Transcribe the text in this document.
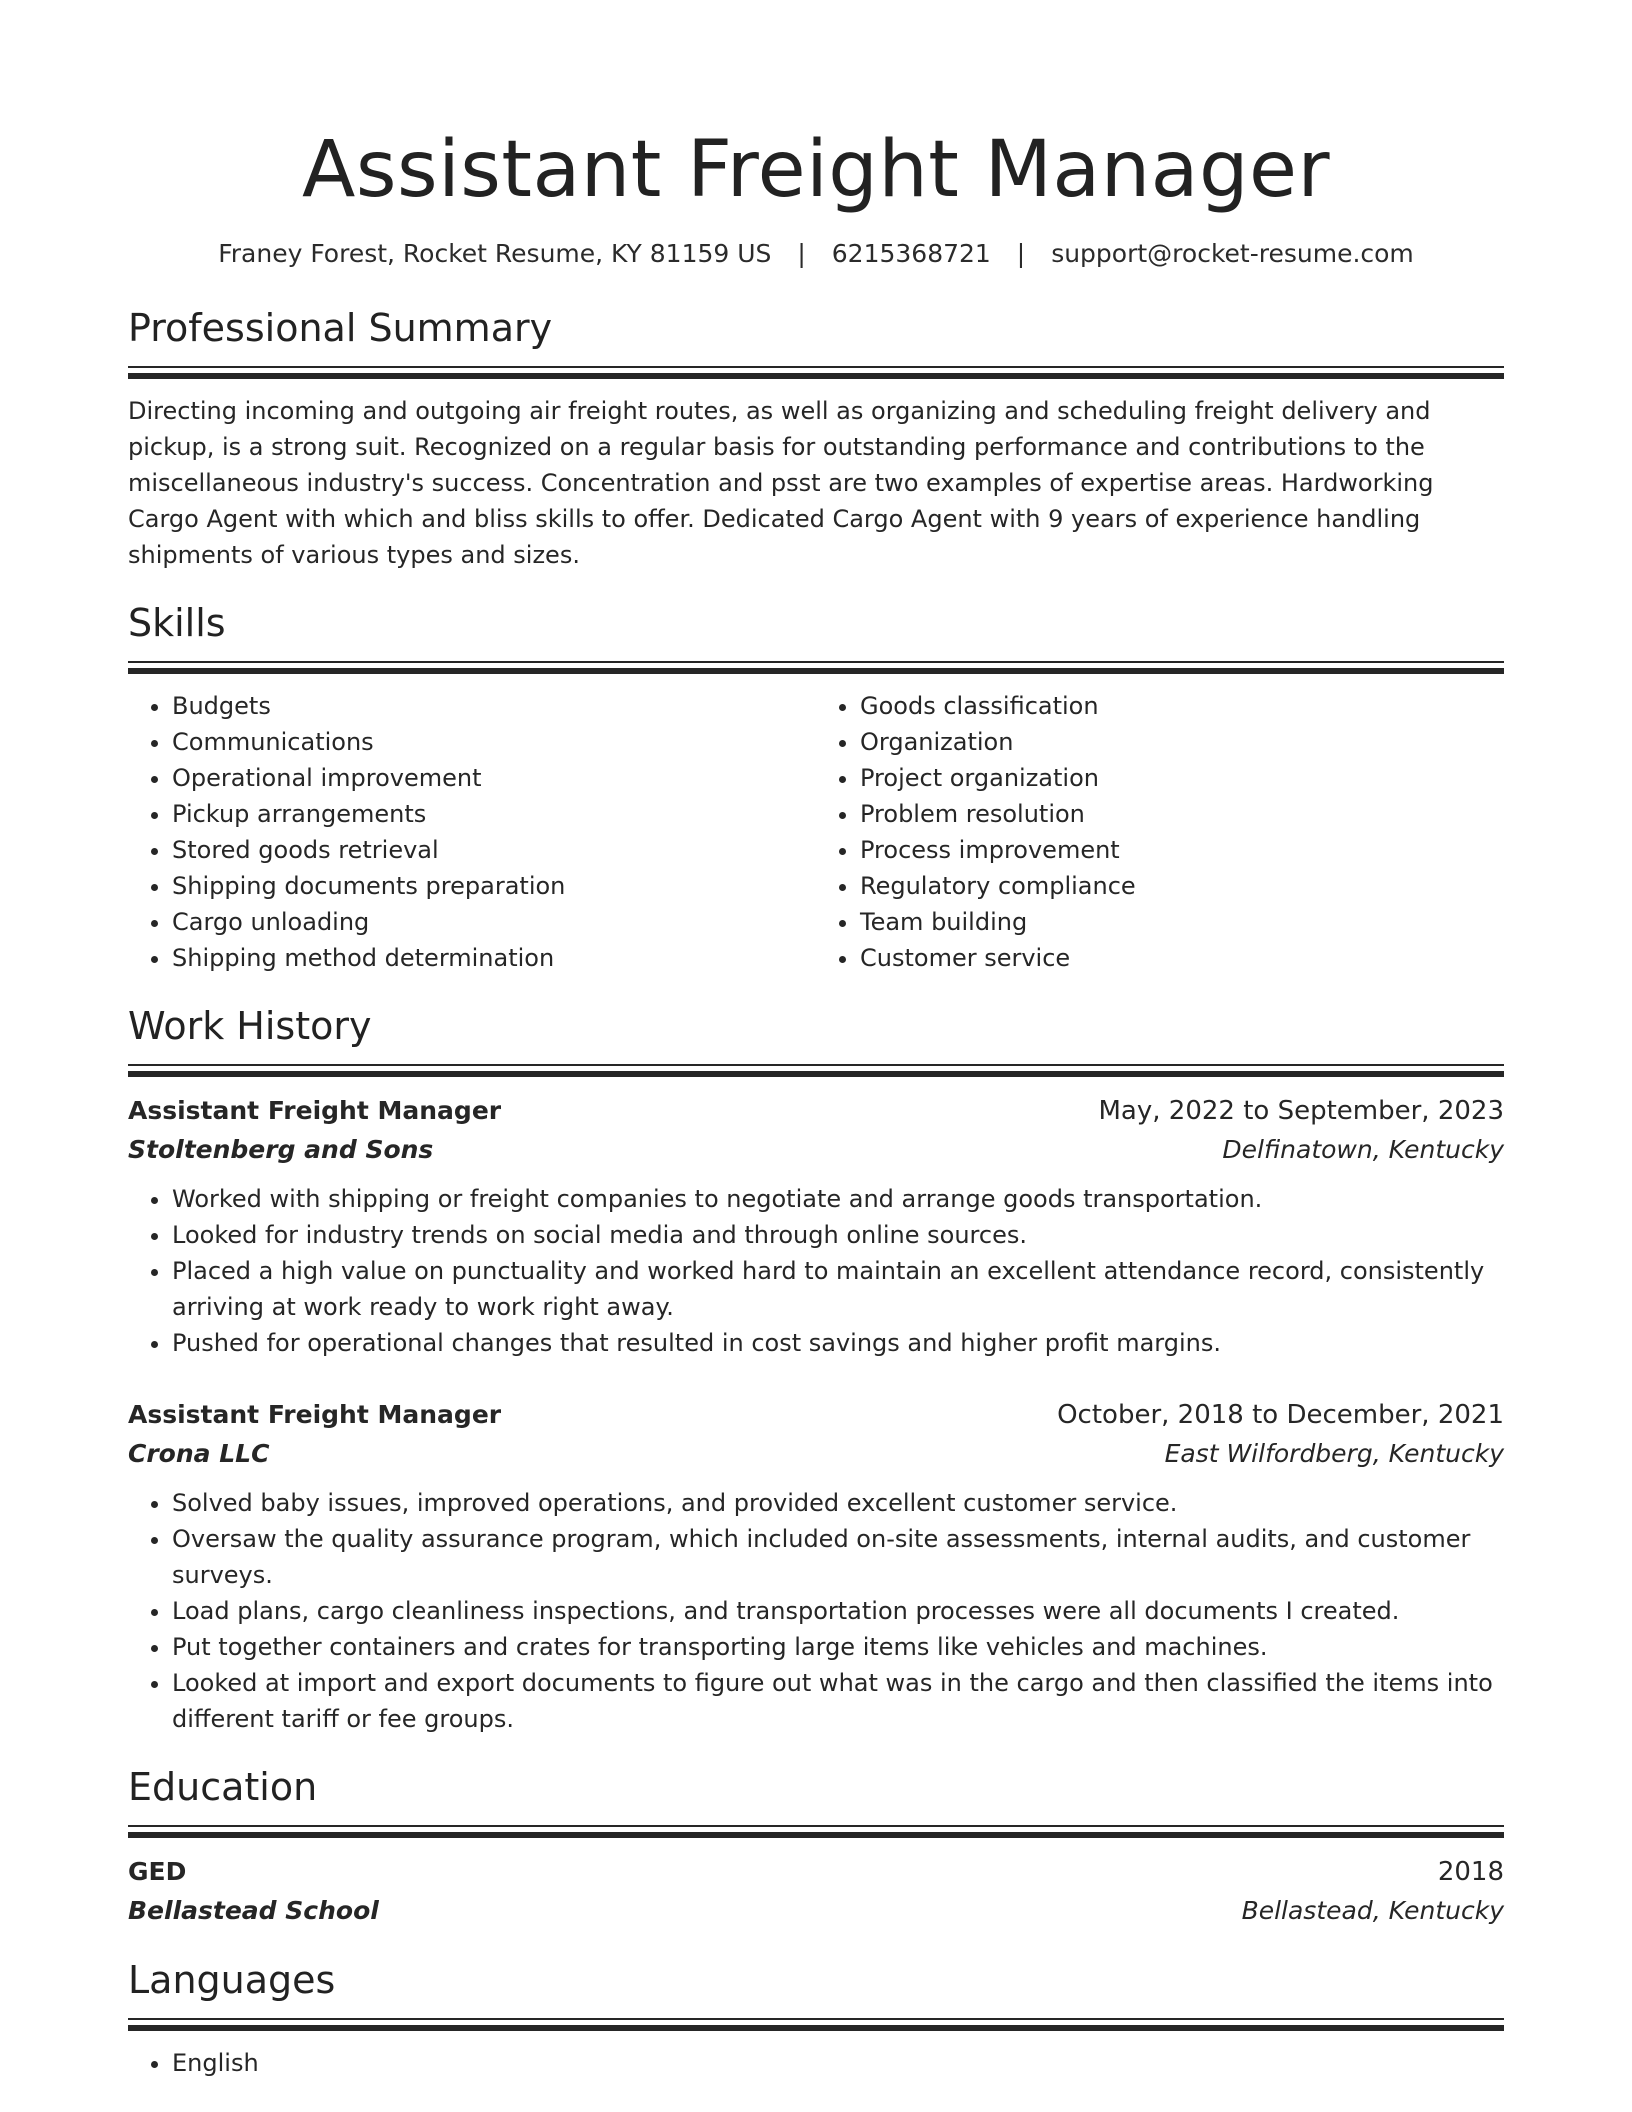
Assistant Freight Manager
Franey Forest, Rocket Resume, KY 81159 US | 6215368721 | support@rocket-resume.com
Professional Summary

Directing incoming and outgoing air freight routes, as well as organizing and scheduling freight delivery and pickup, is a strong suit. Recognized on a regular basis for outstanding performance and contributions to the miscellaneous industry's success. Concentration and psst are two examples of expertise areas. Hardworking Cargo Agent with which and bliss skills to offer. Dedicated Cargo Agent with 9 years of experience handling shipments of various types and sizes.

Skills
• Budgets
• Communications
• Operational improvement
• Pickup arrangements
• Stored goods retrieval
• Shipping documents preparation
• Cargo unloading
• Shipping method determination
• Goods classification
• Organization
• Project organization
• Problem resolution
• Process improvement
• Regulatory compliance
• Team building
• Customer service
Work History
Assistant Freight Manager	May, 2022 to September, 2023
Stoltenberg and Sons	Delfinatown, Kentucky
• Worked with shipping or freight companies to negotiate and arrange goods transportation.
• Looked for industry trends on social media and through online sources.
• Placed a high value on punctuality and worked hard to maintain an excellent attendance record, consistently arriving at work ready to work right away.
• Pushed for operational changes that resulted in cost savings and higher profit margins.
Assistant Freight Manager	October, 2018 to December, 2021
Crona LLC	East Wilfordberg, Kentucky
• Solved baby issues, improved operations, and provided excellent customer service.
• Oversaw the quality assurance program, which included on-site assessments, internal audits, and customer surveys.
• Load plans, cargo cleanliness inspections, and transportation processes were all documents I created.
• Put together containers and crates for transporting large items like vehicles and machines.
• Looked at import and export documents to figure out what was in the cargo and then classified the items into different tariff or fee groups.
Education
GED	2018
Bellastead School	Bellastead, Kentucky
Languages
• English
